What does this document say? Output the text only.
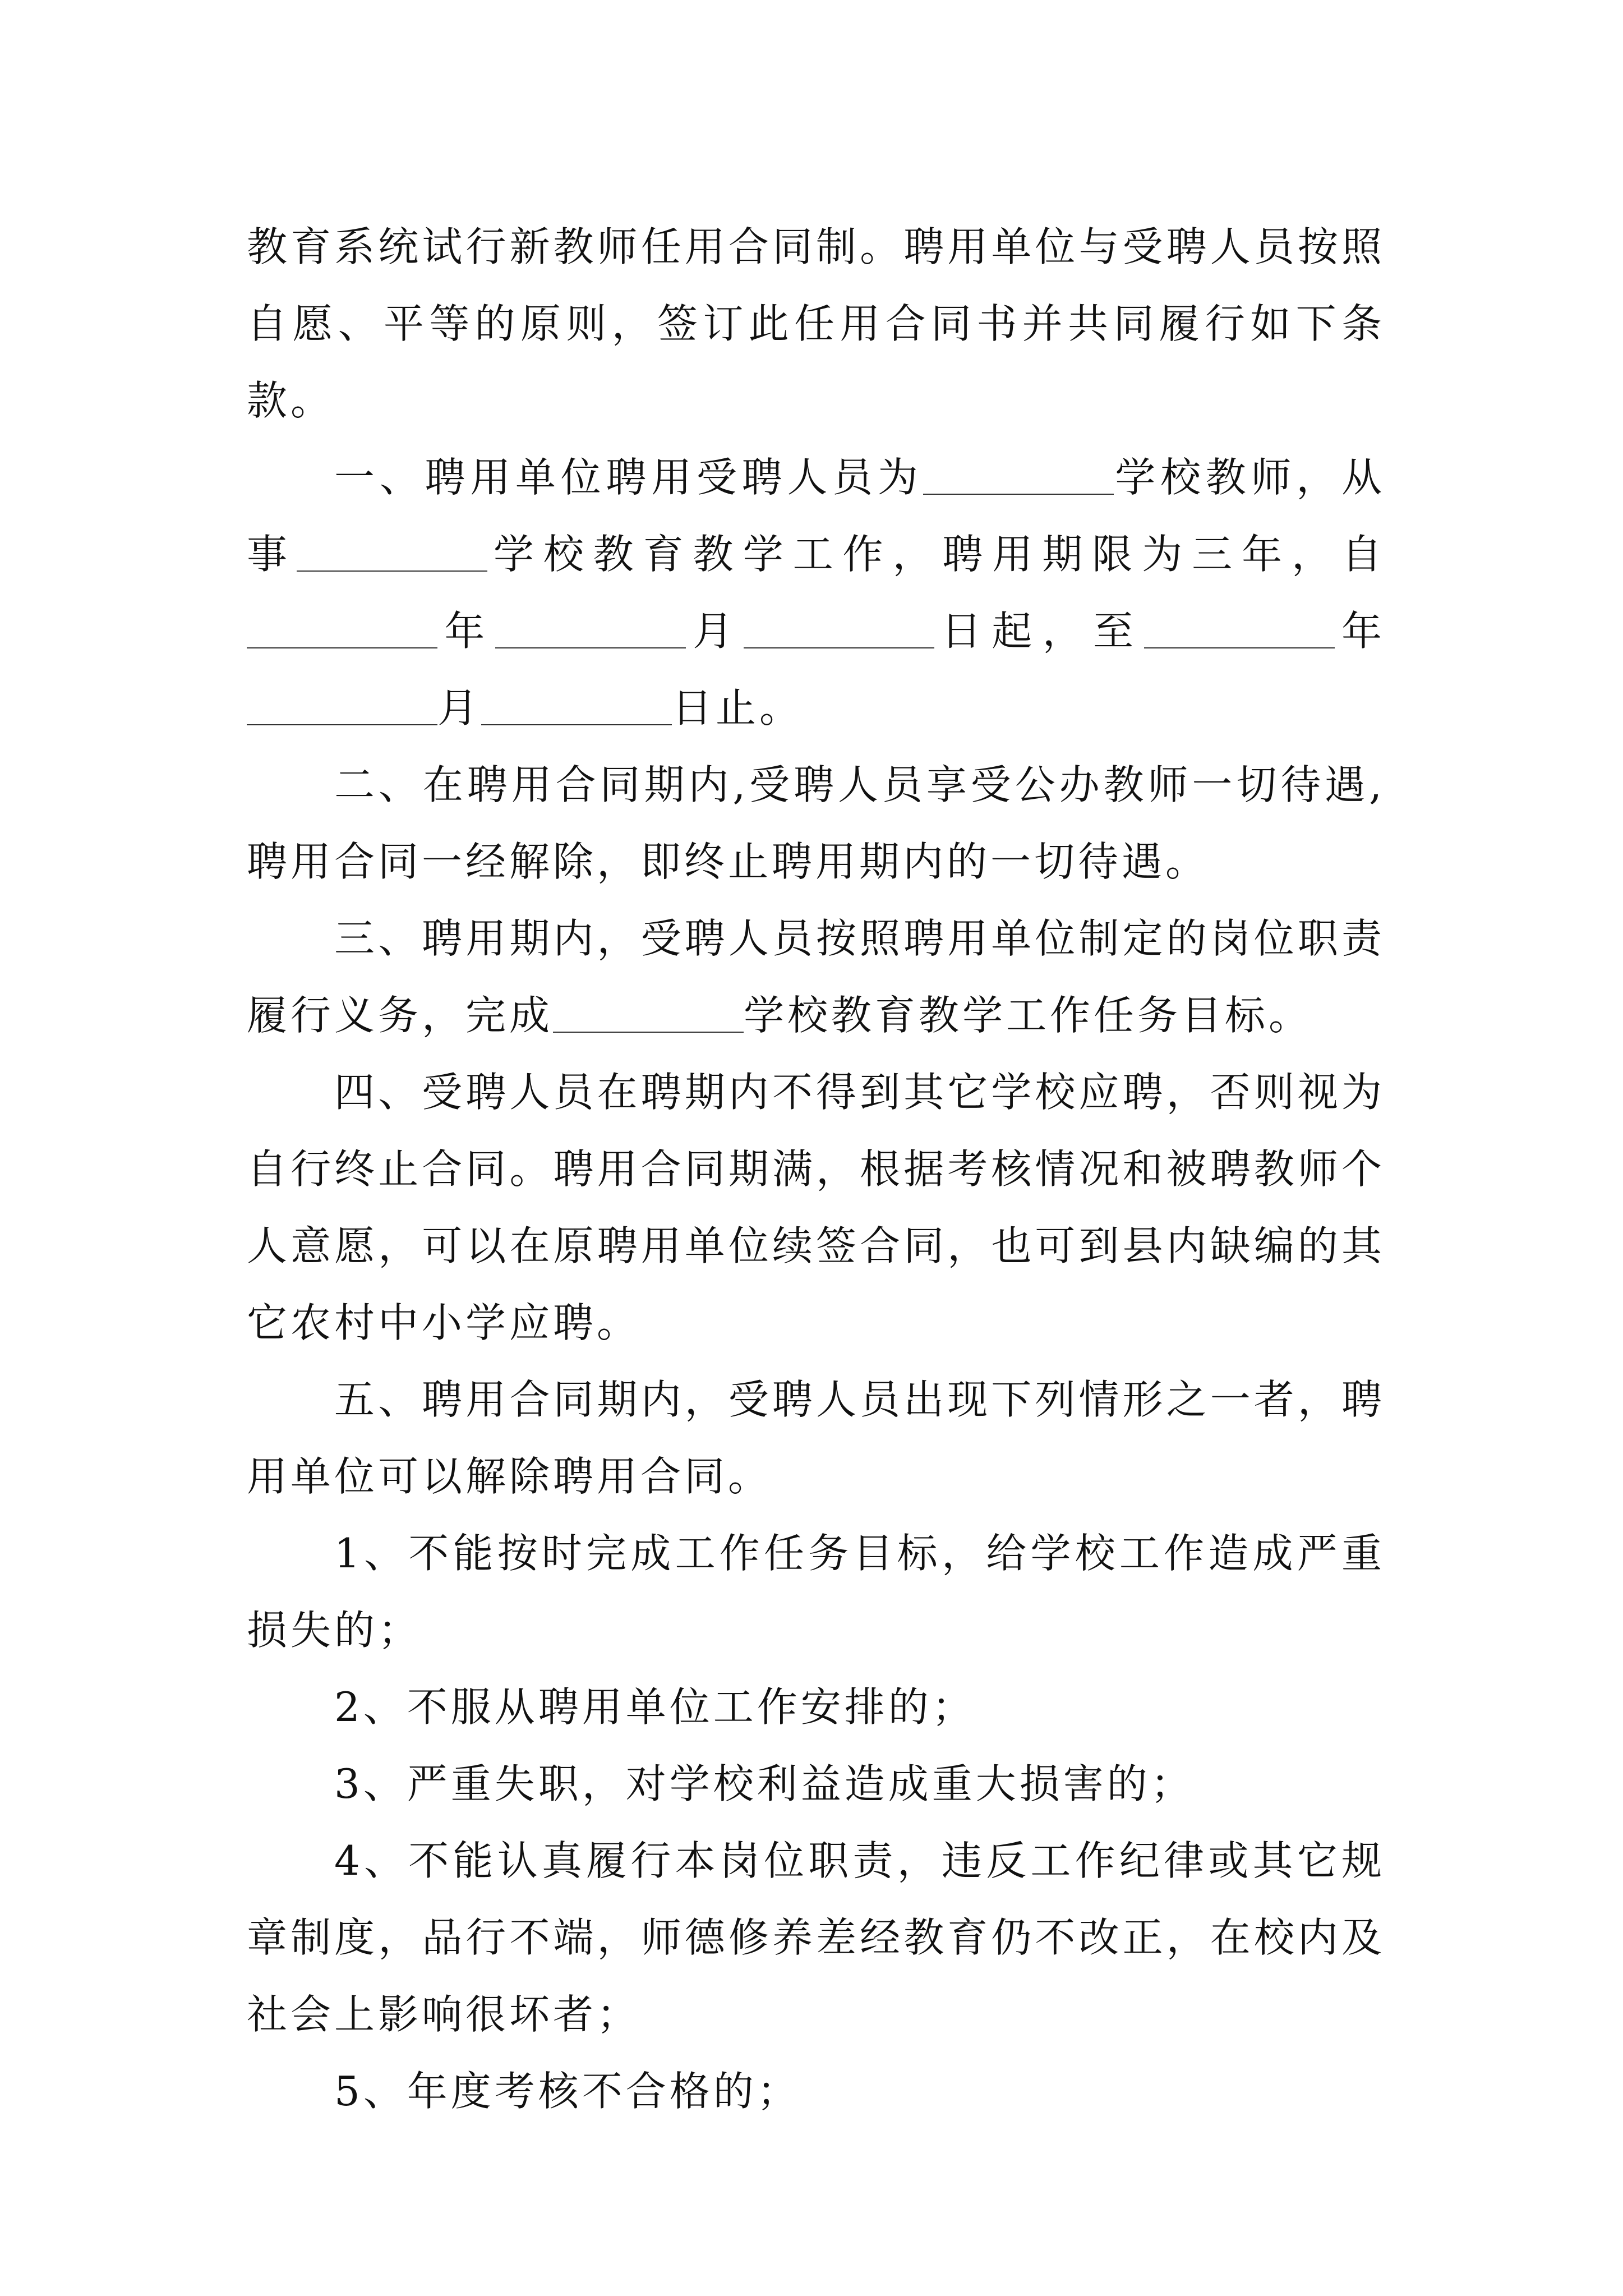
教育系统试行新教师任用合同制。聘用单位与受聘人员按照自愿、平等的原则，签订此任用合同书并共同履行如下条款。

一、聘用单位聘用受聘人员为	学校教师，从事	学校教育教学工作，聘用期限为三年，自年	月	日起，至	年月	日止。

二、在聘用合同期内,受聘人员享受公办教师一切待遇,聘用合同一经解除，即终止聘用期内的一切待遇。

三、聘用期内，受聘人员按照聘用单位制定的岗位职责履行义务，完成	学校教育教学工作任务目标。

四、受聘人员在聘期内不得到其它学校应聘，否则视为自行终止合同。聘用合同期满，根据考核情况和被聘教师个人意愿，可以在原聘用单位续签合同，也可到县内缺编的其它农村中小学应聘。

五、聘用合同期内，受聘人员出现下列情形之一者，聘用单位可以解除聘用合同。

1、不能按时完成工作任务目标，给学校工作造成严重损失的；

2、不服从聘用单位工作安排的；

3、严重失职，对学校利益造成重大损害的；

4、不能认真履行本岗位职责，违反工作纪律或其它规章制度，品行不端，师德修养差经教育仍不改正，在校内及社会上影响很坏者；

5、年度考核不合格的；
